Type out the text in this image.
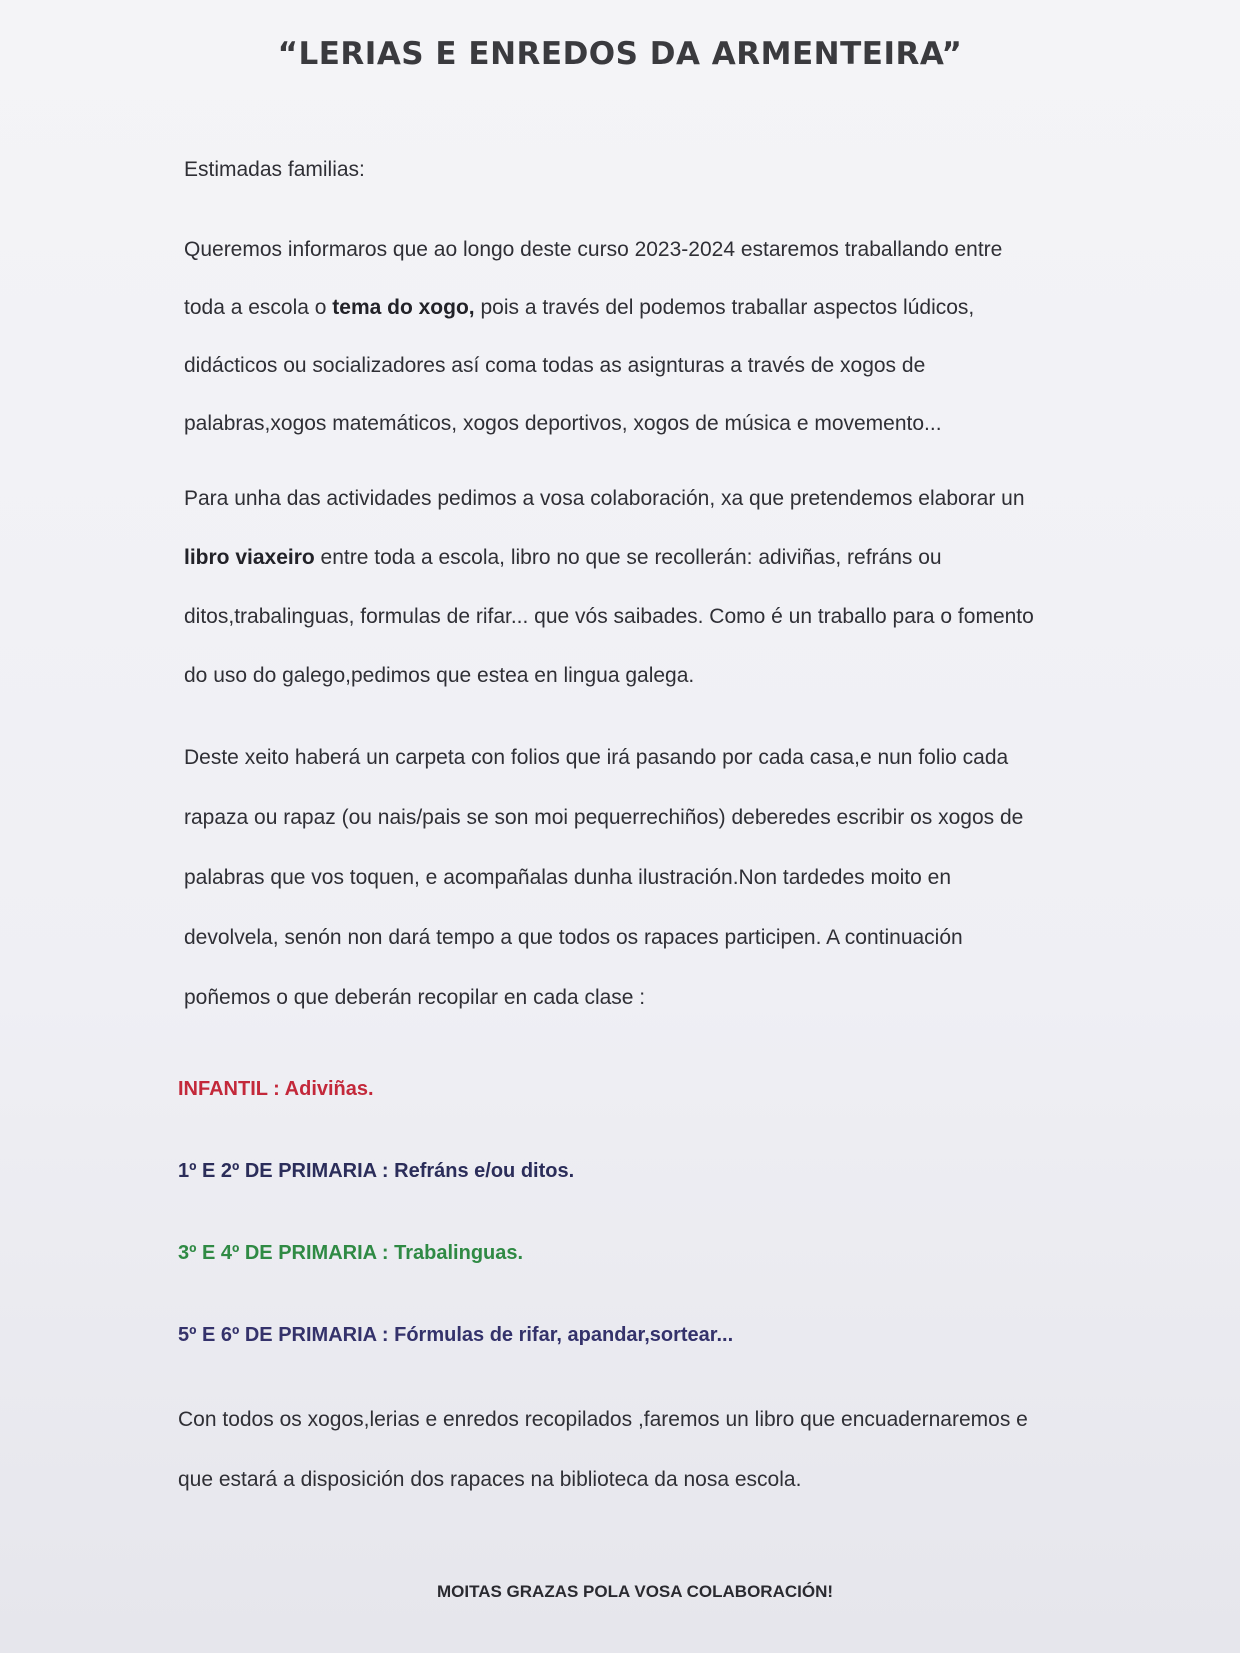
“LERIAS E ENREDOS DA ARMENTEIRA”
Estimadas familias:
Queremos informaros que ao longo deste curso 2023-2024 estaremos traballando entre
toda a escola o tema do xogo, pois a través del podemos traballar aspectos lúdicos,
didácticos ou socializadores así coma todas as asignturas a través de xogos de
palabras,xogos matemáticos, xogos deportivos, xogos de música e movemento...
Para unha das actividades pedimos a vosa colaboración, xa que pretendemos elaborar un
libro viaxeiro entre toda a escola, libro no que se recollerán: adiviñas, refráns ou
ditos,trabalinguas, formulas de rifar... que vós saibades. Como é un traballo para o fomento
do uso do galego,pedimos que estea en lingua galega.
Deste xeito haberá un carpeta con folios que irá pasando por cada casa,e nun folio cada
rapaza ou rapaz (ou nais/pais se son moi pequerrechiños) deberedes escribir os xogos de
palabras que vos toquen, e acompañalas dunha ilustración.Non tardedes moito en
devolvela, senón non dará tempo a que todos os rapaces participen. A continuación
poñemos o que deberán recopilar en cada clase :
INFANTIL : Adiviñas.
1º E 2º DE PRIMARIA : Refráns e/ou ditos.
3º E 4º DE PRIMARIA : Trabalinguas.
5º E 6º DE PRIMARIA : Fórmulas de rifar, apandar,sortear...
Con todos os xogos,lerias e enredos recopilados ,faremos un libro que encuadernaremos e
que estará a disposición dos rapaces na biblioteca da nosa escola.
MOITAS GRAZAS POLA VOSA COLABORACIÓN!
